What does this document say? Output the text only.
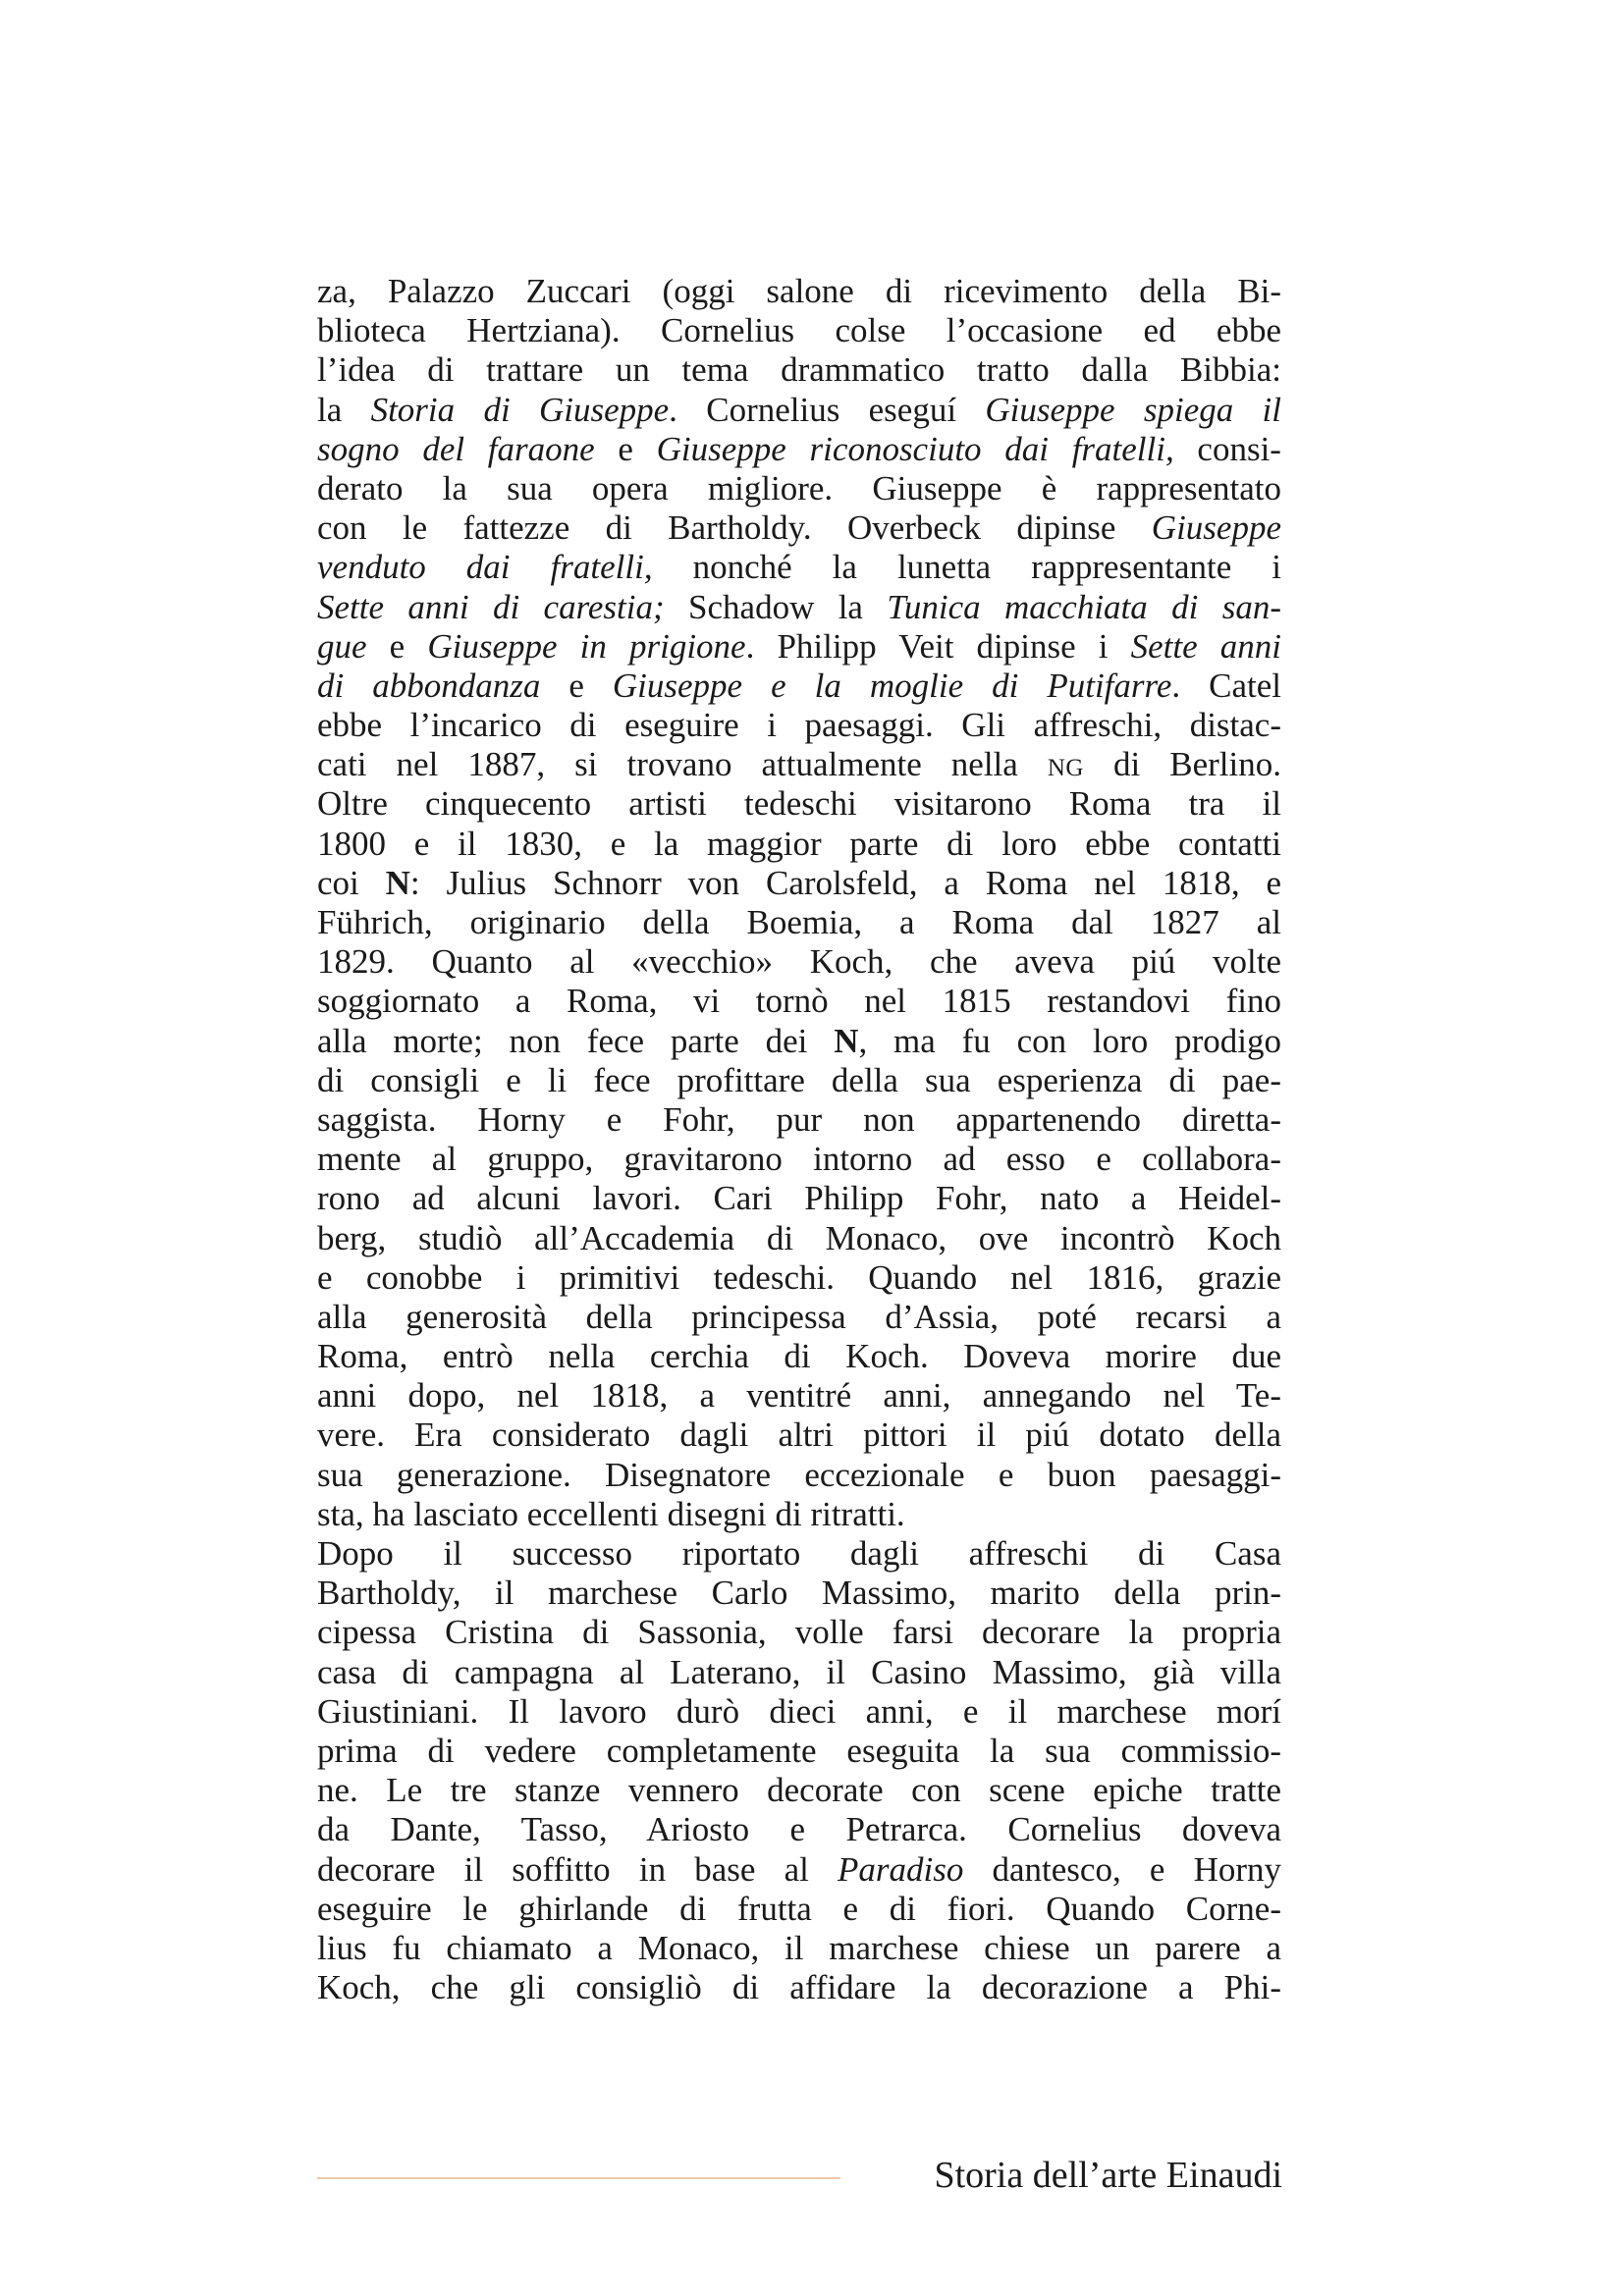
za, Palazzo Zuccari (oggi salone di ricevimento della Bi-
blioteca Hertziana). Cornelius colse l’occasione ed ebbe
l’idea di trattare un tema drammatico tratto dalla Bibbia:
la Storia di Giuseppe. Cornelius eseguí Giuseppe spiega il
sogno del faraone e Giuseppe riconosciuto dai fratelli, consi-
derato la sua opera migliore. Giuseppe è rappresentato
con le fattezze di Bartholdy. Overbeck dipinse Giuseppe
venduto dai fratelli, nonché la lunetta rappresentante i
Sette anni di carestia; Schadow la Tunica macchiata di san-
gue e Giuseppe in prigione. Philipp Veit dipinse i Sette anni
di abbondanza e Giuseppe e la moglie di Putifarre. Catel
ebbe l’incarico di eseguire i paesaggi. Gli affreschi, distac-
cati nel 1887, si trovano attualmente nella NG di Berlino.
Oltre cinquecento artisti tedeschi visitarono Roma tra il
1800 e il 1830, e la maggior parte di loro ebbe contatti
coi N: Julius Schnorr von Carolsfeld, a Roma nel 1818, e
Führich, originario della Boemia, a Roma dal 1827 al
1829. Quanto al «vecchio» Koch, che aveva piú volte
soggiornato a Roma, vi tornò nel 1815 restandovi fino
alla morte; non fece parte dei N, ma fu con loro prodigo
di consigli e li fece profittare della sua esperienza di pae-
saggista. Horny e Fohr, pur non appartenendo diretta-
mente al gruppo, gravitarono intorno ad esso e collabora-
rono ad alcuni lavori. Cari Philipp Fohr, nato a Heidel-
berg, studiò all’Accademia di Monaco, ove incontrò Koch
e conobbe i primitivi tedeschi. Quando nel 1816, grazie
alla generosità della principessa d’Assia, poté recarsi a
Roma, entrò nella cerchia di Koch. Doveva morire due
anni dopo, nel 1818, a ventitré anni, annegando nel Te-
vere. Era considerato dagli altri pittori il piú dotato della
sua generazione. Disegnatore eccezionale e buon paesaggi-
sta, ha lasciato eccellenti disegni di ritratti.
Dopo il successo riportato dagli affreschi di Casa
Bartholdy, il marchese Carlo Massimo, marito della prin-
cipessa Cristina di Sassonia, volle farsi decorare la propria
casa di campagna al Laterano, il Casino Massimo, già villa
Giustiniani. Il lavoro durò dieci anni, e il marchese morí
prima di vedere completamente eseguita la sua commissio-
ne. Le tre stanze vennero decorate con scene epiche tratte
da Dante, Tasso, Ariosto e Petrarca. Cornelius doveva
decorare il soffitto in base al Paradiso dantesco, e Horny
eseguire le ghirlande di frutta e di fiori. Quando Corne-
lius fu chiamato a Monaco, il marchese chiese un parere a
Koch, che gli consigliò di affidare la decorazione a Phi-
Storia dell’arte Einaudi
